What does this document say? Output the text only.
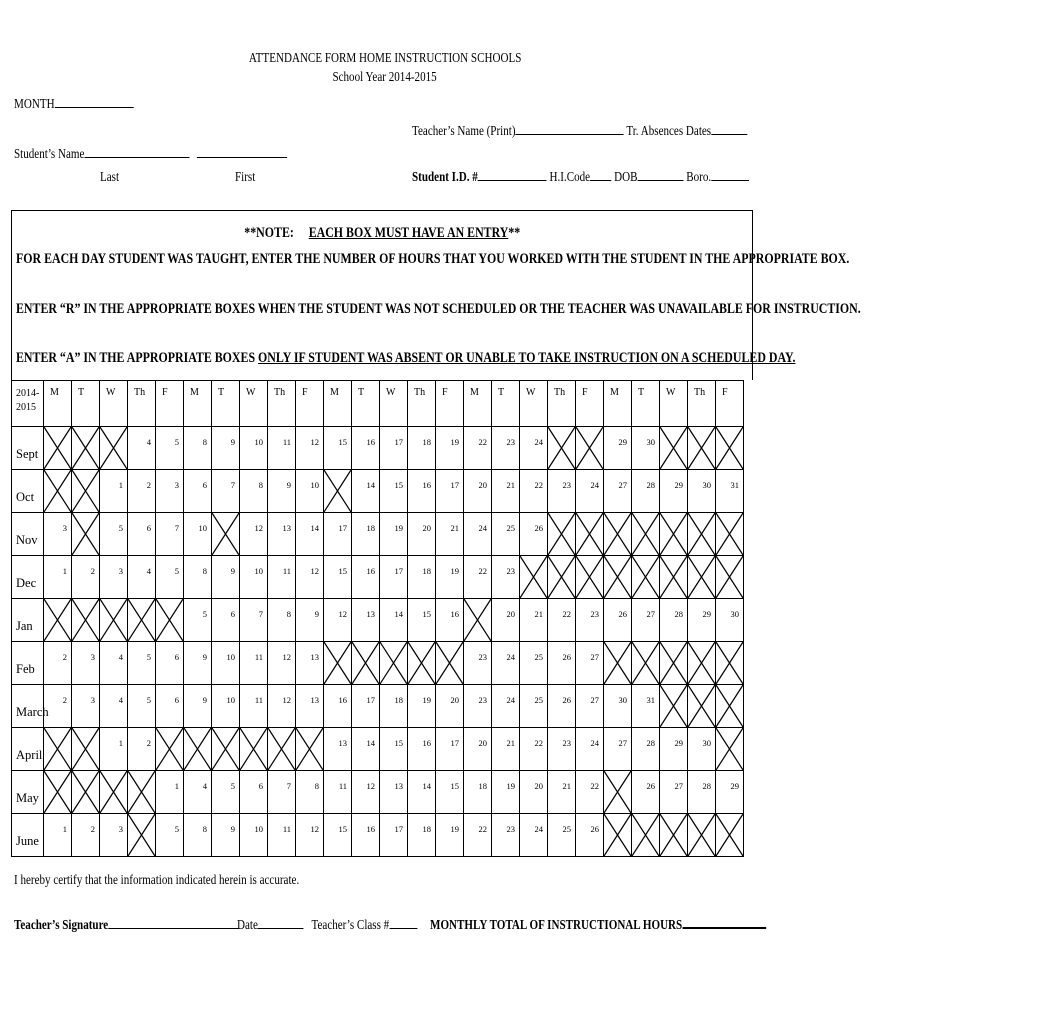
ATTENDANCE FORM HOME INSTRUCTION SCHOOLS
School Year 2014-2015
MONTH
Teacher’s Name (Print)	Tr. Absences Dates
Student’s Name
Last	First	Student I.D. #	H.I.Code DOB	Boro.
**NOTE: EACH BOX MUST HAVE AN ENTRY**
FOR EACH DAY STUDENT WAS TAUGHT, ENTER THE NUMBER OF HOURS THAT YOU WORKED WITH THE STUDENT IN THE APPROPRIATE BOX.
ENTER “R” IN THE APPROPRIATE BOXES WHEN THE STUDENT WAS NOT SCHEDULED OR THE TEACHER WAS UNAVAILABLE FOR INSTRUCTION.
ENTER “A” IN THE APPROPRIATE BOXES ONLY IF STUDENT WAS ABSENT OR UNABLE TO TAKE INSTRUCTION ON A SCHEDULED DAY.
2014-
2015	M	T	W	Th	F	M	T	W	Th	F	M	T	W	Th	F	M	T	W	Th	F	M	T	W	Th	F

Sept				4	5	8	9	10	11	12	15	16	17	18	19	22	23	24			29	30

Oct			1	2	3	6	7	8	9	10		14	15	16	17	20	21	22	23	24	27	28	29	30	31

Nov	3		5	6	7	10		12	13	14	17	18	19	20	21	24	25	26

Dec	1	2	3	4	5	8	9	10	11	12	15	16	17	18	19	22	23

Jan						5	6	7	8	9	12	13	14	15	16		20	21	22	23	26	27	28	29	30

Feb	2	3	4	5	6	9	10	11	12	13						23	24	25	26	27

March	2	3	4	5	6	9	10	11	12	13	16	17	18	19	20	23	24	25	26	27	30	31

April			1	2							13	14	15	16	17	20	21	22	23	24	27	28	29	30

May					1	4	5	6	7	8	11	12	13	14	15	18	19	20	21	22		26	27	28	29

June	1	2	3		5	8	9	10	11	12	15	16	17	18	19	22	23	24	25	26

I hereby certify that the information indicated herein is accurate.
Teacher’s Signature	Date	Teacher’s Class #	MONTHLY TOTAL OF INSTRUCTIONAL HOURS
